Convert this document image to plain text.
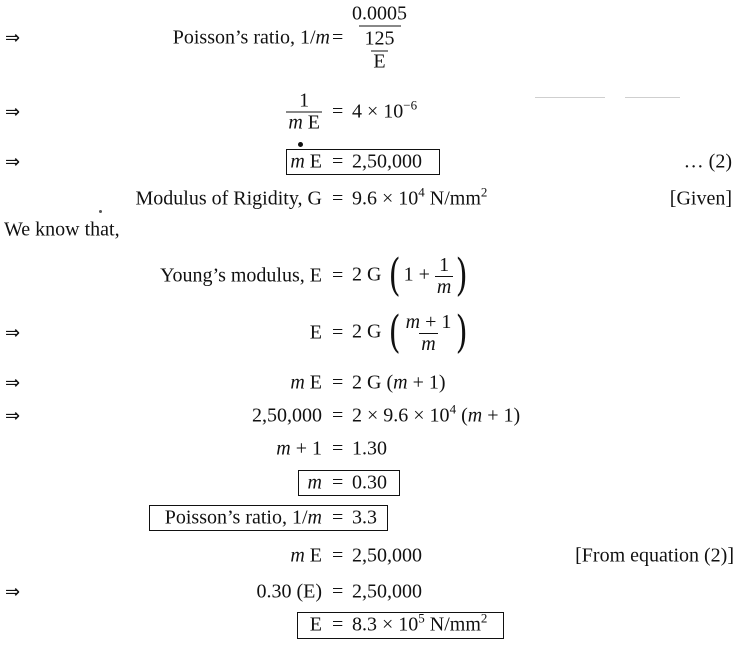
⇒	Poisson’s ratio, $1/m = \frac{0.0005}{\frac{125}{E}}$
⇒	$\frac{1}{\text{m E}} = 4 \times 10^{-6}$
⇒	m E = 2,50,000	… (2)
Modulus of Rigidity, $G = 9.6 \times 10^4$ $N/mm^2$	[Given]
We know that,
Young’s modulus, E = 2 G ( $1 + \frac{1}{m}$ )
⇒	E = 2 G ( $\frac{m + 1}{m}$ )
⇒	m E = 2 G (m + 1)
⇒	$2,50,000 = 2 \times 9.6 \times 10^4$ (m + 1)
m + 1 = 1.30
m = 0.30
Poisson’s ratio, 1/m = 3.3
m E = 2,50,000	[From equation (2)]
⇒	0.30 (E) = 2,50,000
$E = 8.3 \times 10^5$ $N/mm^2$
